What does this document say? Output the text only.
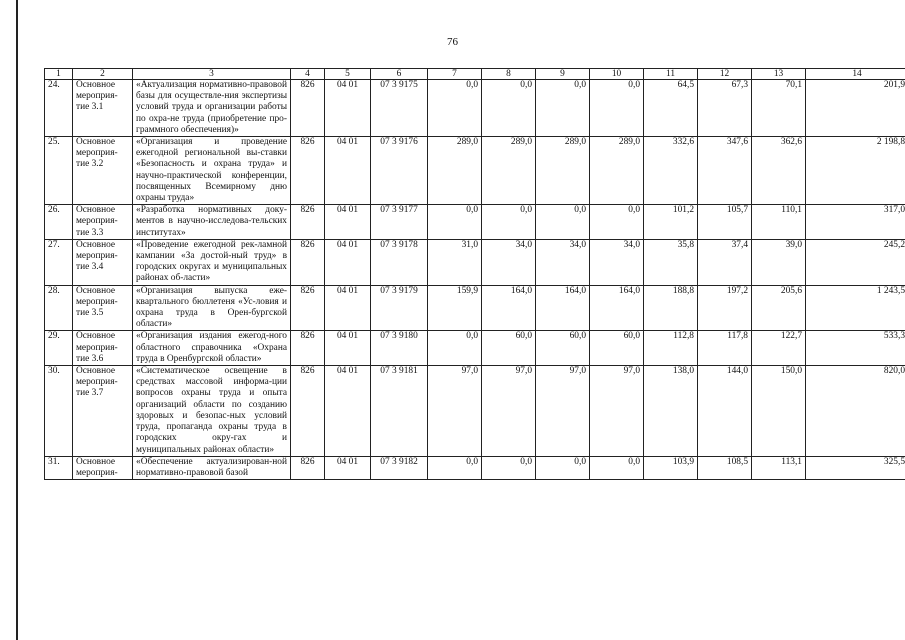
76
1	2	3	4	5	6	7	8	9	10	11	12	13	14
24.	Основное мероприя-тие 3.1	«Актуализация нормативно-правовой базы для осуществле-ния экспертизы условий труда и организации работы по охра-не труда (приобретение про-граммного обеспечения)»	826	04 01	07 3 9175	0,0	0,0	0,0	0,0	64,5	67,3	70,1	201,9
25.	Основное мероприя-тие 3.2	«Организация и проведение ежегодной региональной вы-ставки «Безопасность и охрана труда» и научно-практической конференции, посвященных Всемирному дню охраны труда»	826	04 01	07 3 9176	289,0	289,0	289,0	289,0	332,6	347,6	362,6	2 198,8
26.	Основное мероприя-тие 3.3	«Разработка нормативных доку-ментов в научно-исследова-тельских институтах»	826	04 01	07 3 9177	0,0	0,0	0,0	0,0	101,2	105,7	110,1	317,0
27.	Основное мероприя-тие 3.4	«Проведение ежегодной рек-ламной кампании «За достой-ный труд» в городских округах и муниципальных районах об-ласти»	826	04 01	07 3 9178	31,0	34,0	34,0	34,0	35,8	37,4	39,0	245,2
28.	Основное мероприя-тие 3.5	«Организация выпуска еже-квартального бюллетеня «Ус-ловия и охрана труда в Орен-бургской области»	826	04 01	07 3 9179	159,9	164,0	164,0	164,0	188,8	197,2	205,6	1 243,5
29.	Основное мероприя-тие 3.6	«Организация издания ежегод-ного областного справочника «Охрана труда в Оренбургской области»	826	04 01	07 3 9180	0,0	60,0	60,0	60,0	112,8	117,8	122,7	533,3
30.	Основное мероприя-тие 3.7	«Систематическое освещение в средствах массовой информа-ции вопросов охраны труда и опыта организаций области по созданию здоровых и безопас-ных условий труда, пропаганда охраны труда в городских окру-гах и муниципальных районах области»	826	04 01	07 3 9181	97,0	97,0	97,0	97,0	138,0	144,0	150,0	820,0
31.	Основное мероприя-	«Обеспечение актуализирован-ной нормативно-правовой базой	826	04 01	07 3 9182	0,0	0,0	0,0	0,0	103,9	108,5	113,1	325,5
